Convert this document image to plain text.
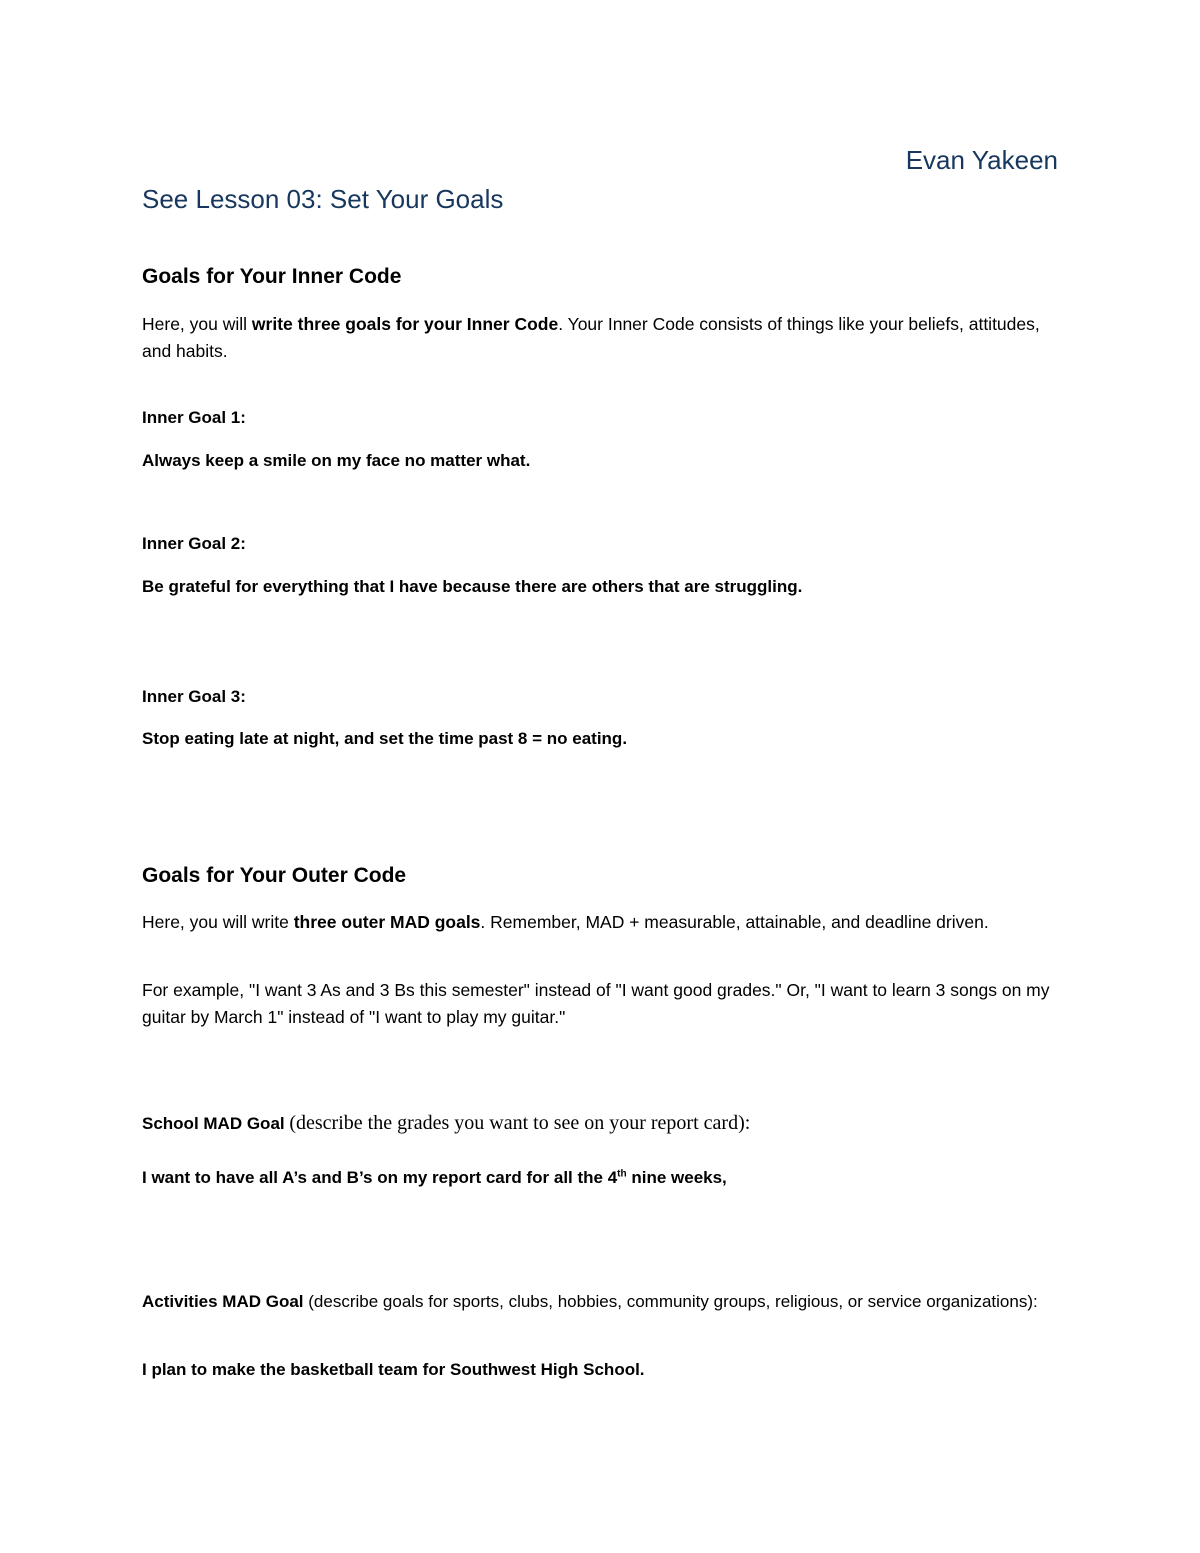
Evan Yakeen
See Lesson 03: Set Your Goals
Goals for Your Inner Code
Here, you will write three goals for your Inner Code. Your Inner Code consists of things like your beliefs, attitudes, and habits.
Inner Goal 1:
Always keep a smile on my face no matter what.
Inner Goal 2:
Be grateful for everything that I have because there are others that are struggling.
Inner Goal 3:
Stop eating late at night, and set the time past 8 = no eating.
Goals for Your Outer Code
Here, you will write three outer MAD goals. Remember, MAD + measurable, attainable, and deadline driven.
For example, "I want 3 As and 3 Bs this semester" instead of "I want good grades." Or, "I want to learn 3 songs on my guitar by March 1" instead of "I want to play my guitar."
School MAD Goal (describe the grades you want to see on your report card):
I want to have all A’s and B’s on my report card for all the 4th nine weeks,
Activities MAD Goal (describe goals for sports, clubs, hobbies, community groups, religious, or service organizations):
I plan to make the basketball team for Southwest High School.
